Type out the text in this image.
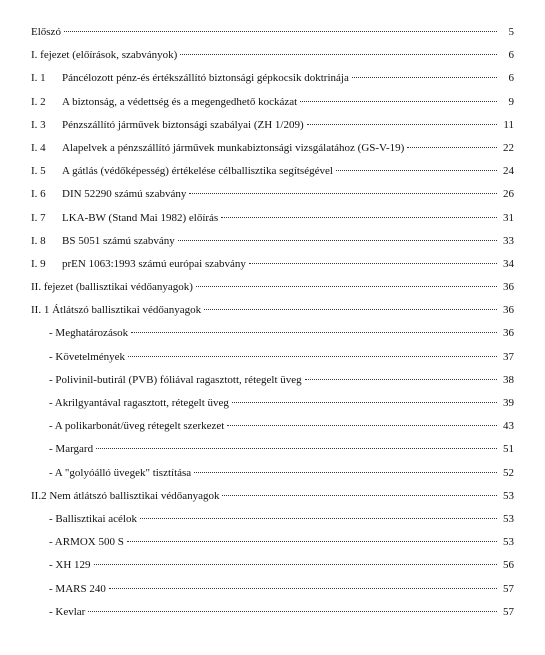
Előszó	5
I. fejezet (előírások, szabványok)	6
I. 1	Páncélozott pénz-és értékszállító biztonsági gépkocsik doktrinája	6
I. 2	A biztonság, a védettség és a megengedhető kockázat	9
I. 3	Pénzszállító járművek biztonsági szabályai (ZH 1/209)	11
I. 4	Alapelvek a pénzszállító járművek munkabiztonsági vizsgálatához (GS-V-19)	22
I. 5	A gátlás (védőképesség) értékelése célballisztika segítségével	24
I. 6	DIN 52290 számú szabvány	26
I. 7	LKA-BW (Stand Mai 1982) előírás	31
I. 8	BS 5051 számú szabvány	33
I. 9	prEN 1063:1993 számú európai szabvány	34
II. fejezet (ballisztikai védőanyagok)	36
II. 1 Átlátszó ballisztikai védőanyagok	36
- Meghatározások	36
- Követelmények	37
- Polivinil-butirál (PVB) fóliával ragasztott, rétegelt üveg	38
- Akrilgyantával ragasztott, rétegelt üveg	39
- A polikarbonát/üveg rétegelt szerkezet	43
- Margard	51
- A "golyóálló üvegek" tisztítása	52
II.2 Nem átlátszó ballisztikai védőanyagok	53
- Ballisztikai acélok	53
- ARMOX 500 S	53
- XH 129	56
- MARS 240	57
- Kevlar	57
